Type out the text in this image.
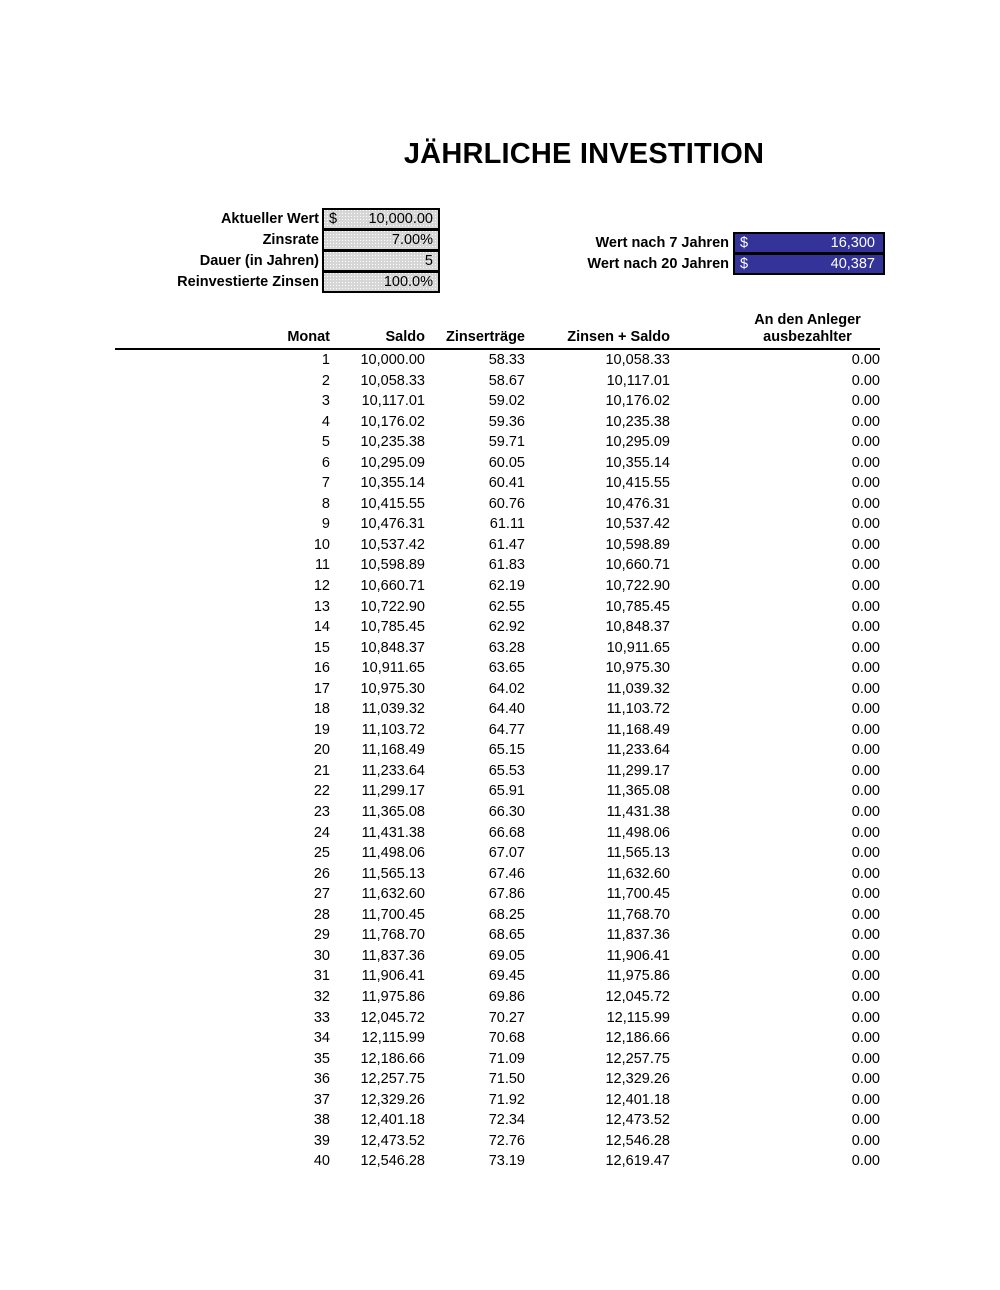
JÄHRLICHE INVESTITION
Aktueller Wert $ 10,000.00
Zinsrate	7.00%
Dauer (in Jahren)	5
Reinvestierte Zinsen	100.0%
Wert nach 7 Jahren $	16,300
Wert nach 20 Jahren $	40,387
	Monat	Saldo	Zinserträge		Zinsen + Saldo		An den Anleger
ausbezahlter

	1	10,000.00	58.33		10,058.33		0.00
	2	10,058.33	58.67		10,117.01		0.00
	3	10,117.01	59.02		10,176.02		0.00
	4	10,176.02	59.36		10,235.38		0.00
	5	10,235.38	59.71		10,295.09		0.00
	6	10,295.09	60.05		10,355.14		0.00
	7	10,355.14	60.41		10,415.55		0.00
	8	10,415.55	60.76		10,476.31		0.00
	9	10,476.31	61.11		10,537.42		0.00
	10	10,537.42	61.47		10,598.89		0.00
	11	10,598.89	61.83		10,660.71		0.00
	12	10,660.71	62.19		10,722.90		0.00
	13	10,722.90	62.55		10,785.45		0.00
	14	10,785.45	62.92		10,848.37		0.00
	15	10,848.37	63.28		10,911.65		0.00
	16	10,911.65	63.65		10,975.30		0.00
	17	10,975.30	64.02		11,039.32		0.00
	18	11,039.32	64.40		11,103.72		0.00
	19	11,103.72	64.77		11,168.49		0.00
	20	11,168.49	65.15		11,233.64		0.00
	21	11,233.64	65.53		11,299.17		0.00
	22	11,299.17	65.91		11,365.08		0.00
	23	11,365.08	66.30		11,431.38		0.00
	24	11,431.38	66.68		11,498.06		0.00
	25	11,498.06	67.07		11,565.13		0.00
	26	11,565.13	67.46		11,632.60		0.00
	27	11,632.60	67.86		11,700.45		0.00
	28	11,700.45	68.25		11,768.70		0.00
	29	11,768.70	68.65		11,837.36		0.00
	30	11,837.36	69.05		11,906.41		0.00
	31	11,906.41	69.45		11,975.86		0.00
	32	11,975.86	69.86		12,045.72		0.00
	33	12,045.72	70.27		12,115.99		0.00
	34	12,115.99	70.68		12,186.66		0.00
	35	12,186.66	71.09		12,257.75		0.00
	36	12,257.75	71.50		12,329.26		0.00
	37	12,329.26	71.92		12,401.18		0.00
	38	12,401.18	72.34		12,473.52		0.00
	39	12,473.52	72.76		12,546.28		0.00
	40	12,546.28	73.19		12,619.47		0.00
